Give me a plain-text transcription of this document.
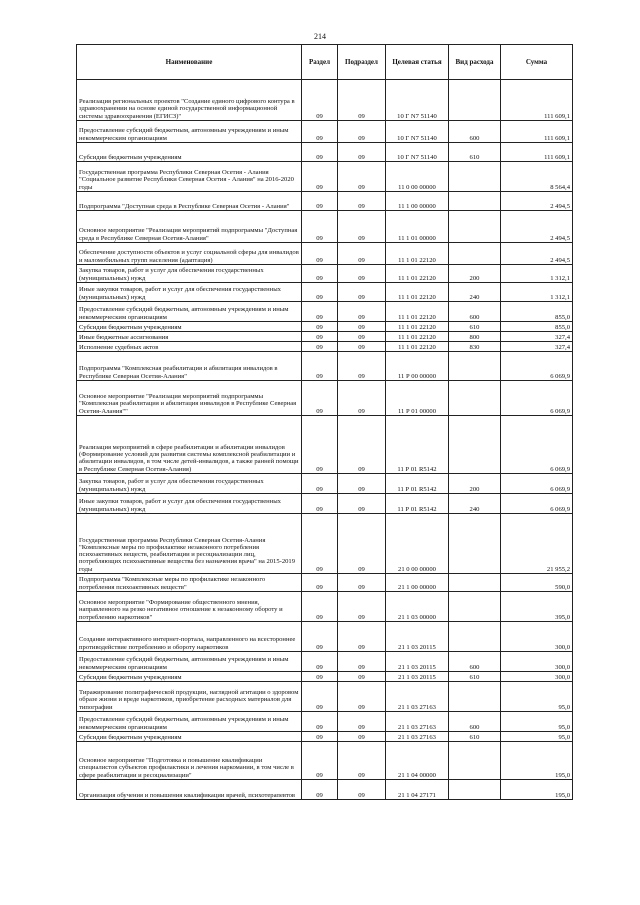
214
Наименование	Раздел	Подраздел	Целевая статья	Вид расхода	Сумма
Реализация региональных проектов "Создание единого цифрового контура в здравоохранении на основе единой государственной информационной системы здравоохранения (ЕГИСЗ)"	09	09	10 Г N7 51140		111 609,1
Предоставление субсидий бюджетным, автономным учреждениям и иным некоммерческим организациям	09	09	10 Г N7 51140	600	111 609,1
Субсидии бюджетным учреждениям	09	09	10 Г N7 51140	610	111 609,1
Государственная программа Республики Северная Осетия - Алания "Социальное развитие Республики Северная Осетия - Алания" на 2016-2020 годы	09	09	11 0 00 00000		8 564,4
Подпрограмма "Доступная среда в Республике Северная Осетия - Алания"	09	09	11 1 00 00000		2 494,5
Основное мероприятие "Реализация мероприятий подпрограммы "Доступная среда в Республике Северная Осетия-Алания"	09	09	11 1 01 00000		2 494,5
Обеспечение доступности объектов и услуг социальной сферы для инвалидов и маломобильных групп населения (адаптация)	09	09	11 1 01 22120		2 494,5
Закупка товаров, работ и услуг для обеспечения государственных (муниципальных) нужд	09	09	11 1 01 22120	200	1 312,1
Иные закупки товаров, работ и услуг для обеспечения государственных (муниципальных) нужд	09	09	11 1 01 22120	240	1 312,1
Предоставление субсидий бюджетным, автономным учреждениям и иным некоммерческим организациям	09	09	11 1 01 22120	600	855,0
Субсидии бюджетным учреждениям	09	09	11 1 01 22120	610	855,0
Иные бюджетные ассигнования	09	09	11 1 01 22120	800	327,4
Исполнение судебных актов	09	09	11 1 01 22120	830	327,4
Подпрограмма "Комплексная реабилитация и абилитация инвалидов в Республике Северная Осетия-Алания"	09	09	11 Р 00 00000		6 069,9
Основное мероприятие "Реализация мероприятий подпрограммы "Комплексная реабилитация и абилитация инвалидов в Республике Северная Осетия-Алания""	09	09	11 Р 01 00000		6 069,9
Реализация мероприятий в сфере реабилитации и абилитации инвалидов (Формирование условий для развития системы комплексной реабилитации и абилитации инвалидов, в том числе детей-инвалидов, а также ранней помощи в Республике Северная Осетия-Алания)	09	09	11 Р 01 R5142		6 069,9
Закупка товаров, работ и услуг для обеспечения государственных (муниципальных) нужд	09	09	11 Р 01 R5142	200	6 069,9
Иные закупки товаров, работ и услуг для обеспечения государственных (муниципальных) нужд	09	09	11 Р 01 R5142	240	6 069,9
Государственная программа Республики Северная Осетия-Алания "Комплексные меры по профилактике незаконного потребления психоактивных веществ, реабилитации и ресоциализации лиц, потребляющих психоактивные вещества без назначения врача" на 2015-2019 годы	09	09	21 0 00 00000		21 955,2
Подпрограмма "Комплексные меры по профилактике незаконного потребления психоактивных веществ"	09	09	21 1 00 00000		590,0
Основное мероприятие "Формирование общественного мнения, направленного на резко негативное отношение к незаконному обороту и потреблению наркотиков"	09	09	21 1 03 00000		395,0
Создание интерактивного интернет-портала, направленного на всестороннее противодействие потреблению и обороту наркотиков	09	09	21 1 03 20115		300,0
Предоставление субсидий бюджетным, автономным учреждениям и иным некоммерческим организациям	09	09	21 1 03 20115	600	300,0
Субсидии бюджетным учреждениям	09	09	21 1 03 20115	610	300,0
Тиражирование полиграфической продукции, наглядной агитации о здоровом образе жизни и вреде наркотиков, приобретение расходных материалов для типографии	09	09	21 1 03 27163		95,0
Предоставление субсидий бюджетным, автономным учреждениям и иным некоммерческим организациям	09	09	21 1 03 27163	600	95,0
Субсидии бюджетным учреждениям	09	09	21 1 03 27163	610	95,0
Основное мероприятие "Подготовка и повышение квалификации специалистов субъектов профилактики и лечения наркомании, в том числе в сфере реабилитации и ресоциализации"	09	09	21 1 04 00000		195,0
Организация обучения и повышения квалификации врачей, психотерапевтов	09	09	21 1 04 27171		195,0
